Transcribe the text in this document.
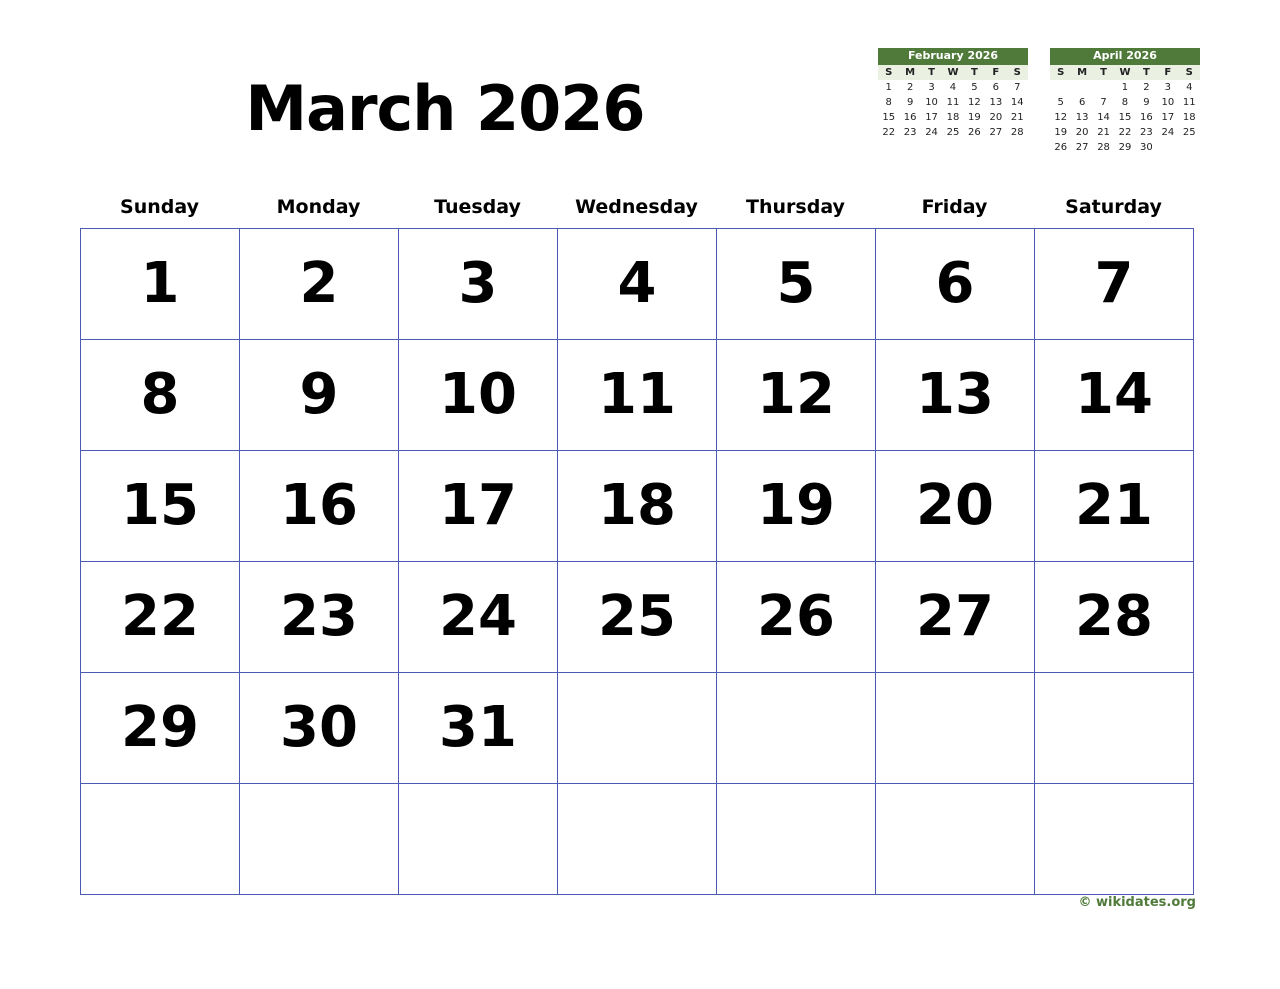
March 2026
February 2026
S	M	T	W	T	F	S
1	2	3	4	5	6	7
8	9	10	11	12	13	14
15	16	17	18	19	20	21
22	23	24	25	26	27	28
April 2026
S	M	T	W	T	F	S
			1	2	3	4
5	6	7	8	9	10	11
12	13	14	15	16	17	18
19	20	21	22	23	24	25
26	27	28	29	30		
Sunday	Monday	Tuesday	Wednesday	Thursday	Friday	Saturday
1 2 3 4 5 6 7
8 9 10 11 12 13 14
15 16 17 18 19 20 21
22 23 24 25 26 27 28
29 30 31
© wikidates.org
